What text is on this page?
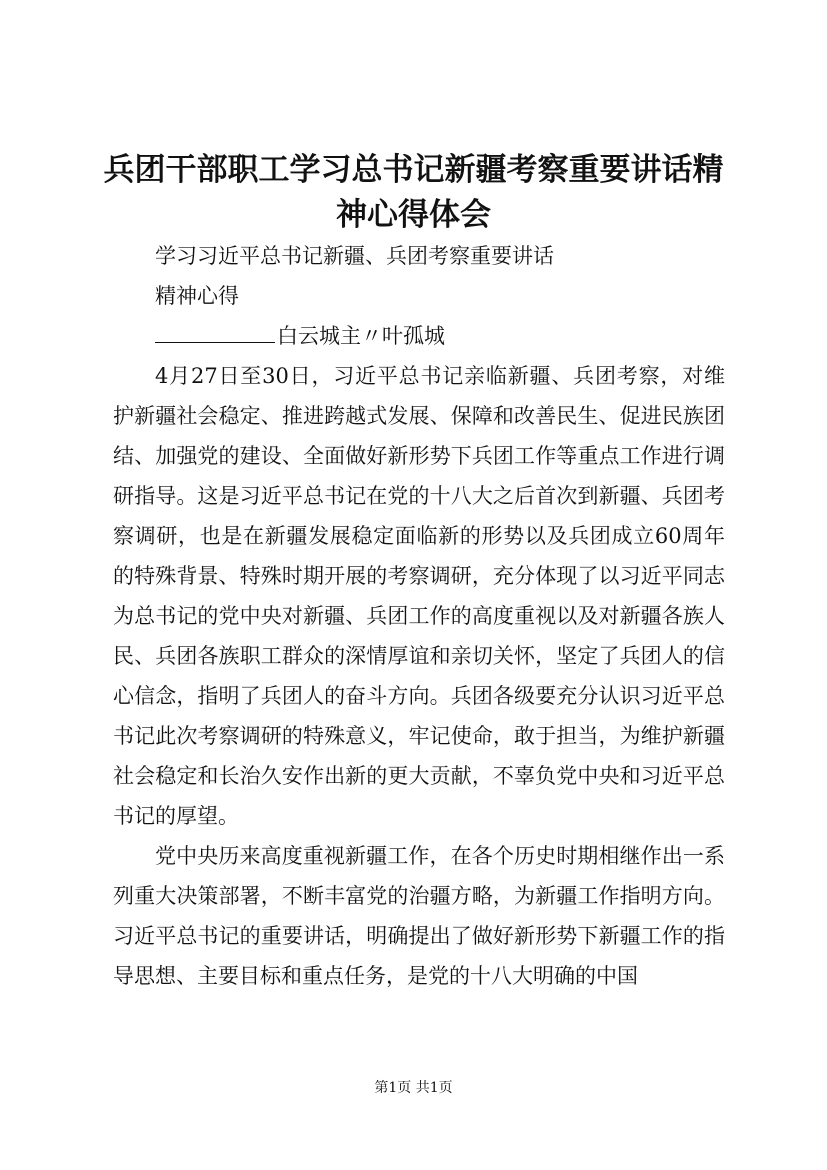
兵团干部职工学习总书记新疆考察重要讲话精神心得体会

学习习近平总书记新疆、兵团考察重要讲话

精神心得

白云城主〃叶孤城

4月27日至30日，习近平总书记亲临新疆、兵团考察，对维护新疆社会稳定、推进跨越式发展、保障和改善民生、促进民族团结、加强党的建设、全面做好新形势下兵团工作等重点工作进行调研指导。这是习近平总书记在党的十八大之后首次到新疆、兵团考察调研，也是在新疆发展稳定面临新的形势以及兵团成立60周年的特殊背景、特殊时期开展的考察调研，充分体现了以习近平同志为总书记的党中央对新疆、兵团工作的高度重视以及对新疆各族人民、兵团各族职工群众的深情厚谊和亲切关怀，坚定了兵团人的信心信念，指明了兵团人的奋斗方向。兵团各级要充分认识习近平总书记此次考察调研的特殊意义，牢记使命，敢于担当，为维护新疆社会稳定和长治久安作出新的更大贡献，不辜负党中央和习近平总书记的厚望。

党中央历来高度重视新疆工作，在各个历史时期相继作出一系列重大决策部署，不断丰富党的治疆方略，为新疆工作指明方向。习近平总书记的重要讲话，明确提出了做好新形势下新疆工作的指导思想、主要目标和重点任务，是党的十八大明确的中国

第1页 共1页
